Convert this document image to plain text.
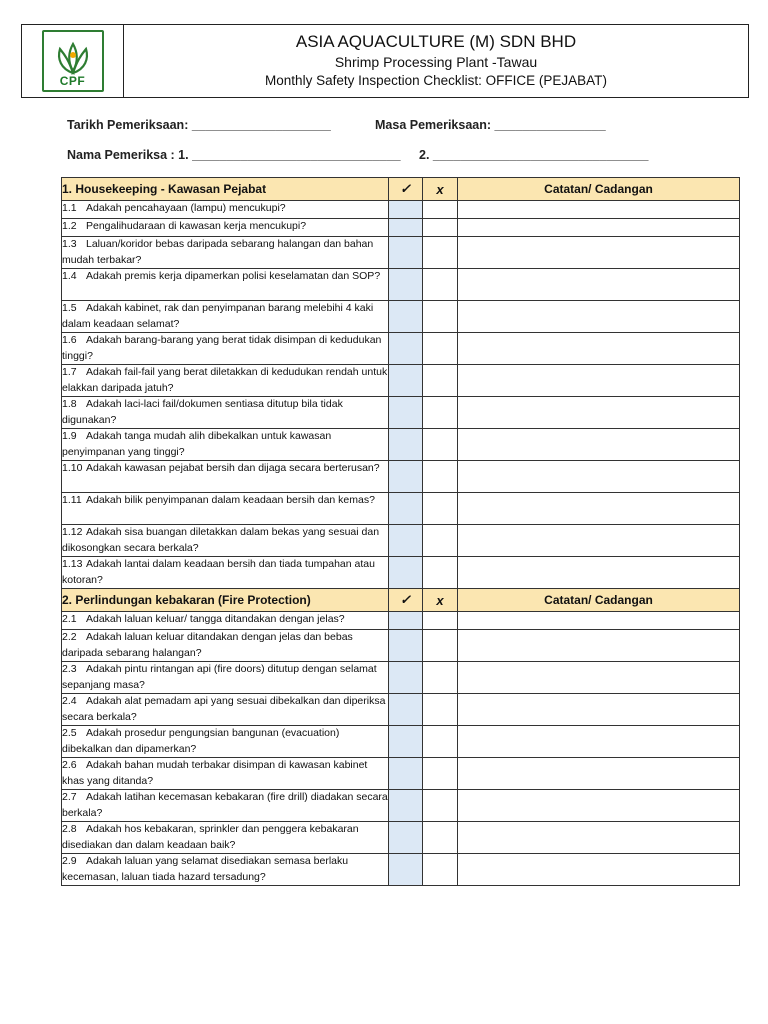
CPF
ASIA AQUACULTURE (M) SDN BHD
Shrimp Processing Plant -Tawau
Monthly Safety Inspection Checklist: OFFICE (PEJABAT)
Tarikh Pemeriksaan: ____________________	Masa Pemeriksaan: ________________
Nama Pemeriksa : 1. ______________________________ 2. _______________________________
1. Housekeeping - Kawasan Pejabat	✓	x	Catatan/ Cadangan
1.1 Adakah pencahayaan (lampu) mencukupi?			
1.2 Pengalihudaraan di kawasan kerja mencukupi?			
1.3 Laluan/koridor bebas daripada sebarang halangan dan bahan mudah terbakar?			
1.4 Adakah premis kerja dipamerkan polisi keselamatan dan SOP?			
1.5 Adakah kabinet, rak dan penyimpanan barang melebihi 4 kaki dalam keadaan selamat?			
1.6 Adakah barang-barang yang berat tidak disimpan di kedudukan tinggi?			
1.7 Adakah fail-fail yang berat diletakkan di kedudukan rendah untuk elakkan daripada jatuh?			
1.8 Adakah laci-laci fail/dokumen sentiasa ditutup bila tidak digunakan?			
1.9 Adakah tanga mudah alih dibekalkan untuk kawasan penyimpanan yang tinggi?			
1.10 Adakah kawasan pejabat bersih dan dijaga secara berterusan?			
1.11 Adakah bilik penyimpanan dalam keadaan bersih dan kemas?			
1.12 Adakah sisa buangan diletakkan dalam bekas yang sesuai dan dikosongkan secara berkala?			
1.13 Adakah lantai dalam keadaan bersih dan tiada tumpahan atau kotoran?			
2. Perlindungan kebakaran (Fire Protection)	✓	x	Catatan/ Cadangan
2.1 Adakah laluan keluar/ tangga ditandakan dengan jelas?			
2.2 Adakah laluan keluar ditandakan dengan jelas dan bebas daripada sebarang halangan?			
2.3 Adakah pintu rintangan api (fire doors) ditutup dengan selamat sepanjang masa?			
2.4 Adakah alat pemadam api yang sesuai dibekalkan dan diperiksa secara berkala?			
2.5 Adakah prosedur pengungsian bangunan (evacuation) dibekalkan dan dipamerkan?			
2.6 Adakah bahan mudah terbakar disimpan di kawasan kabinet khas yang ditanda?			
2.7 Adakah latihan kecemasan kebakaran (fire drill) diadakan secara berkala?			
2.8 Adakah hos kebakaran, sprinkler dan penggera kebakaran disediakan dan dalam keadaan baik?			
2.9 Adakah laluan yang selamat disediakan semasa berlaku kecemasan, laluan tiada hazard tersadung?			
